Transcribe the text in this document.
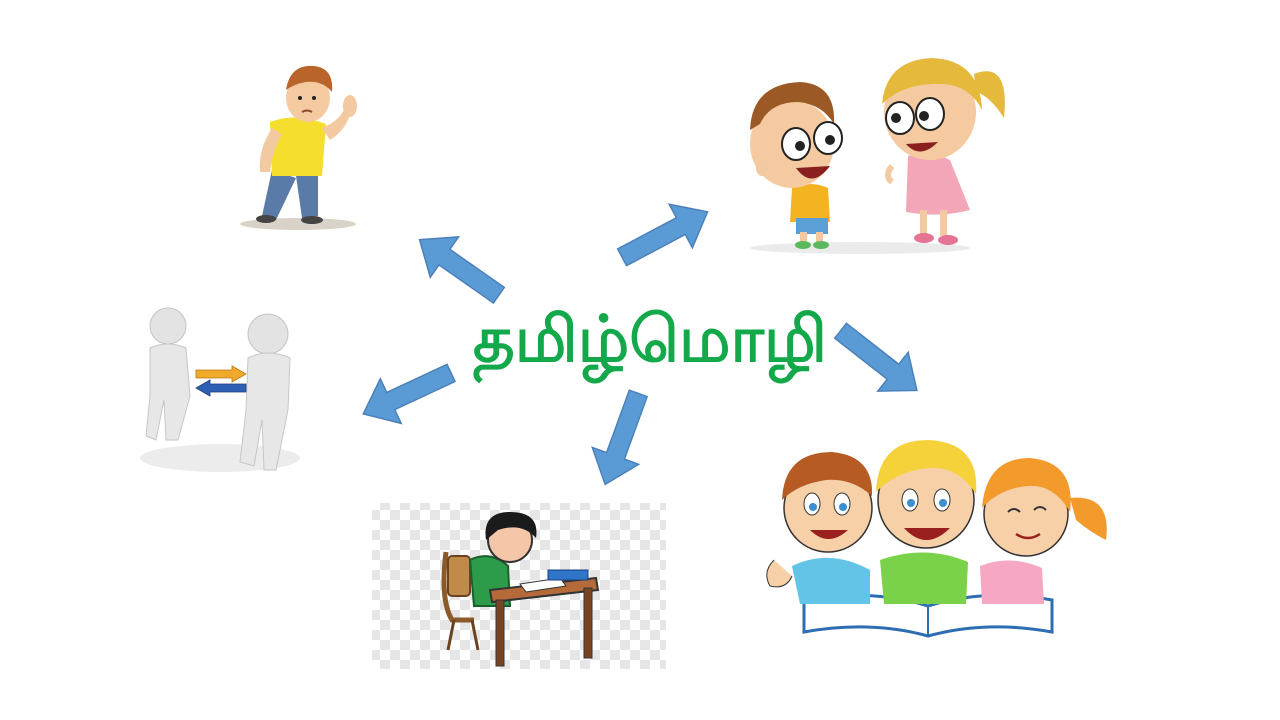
தமிழ்மொழி
